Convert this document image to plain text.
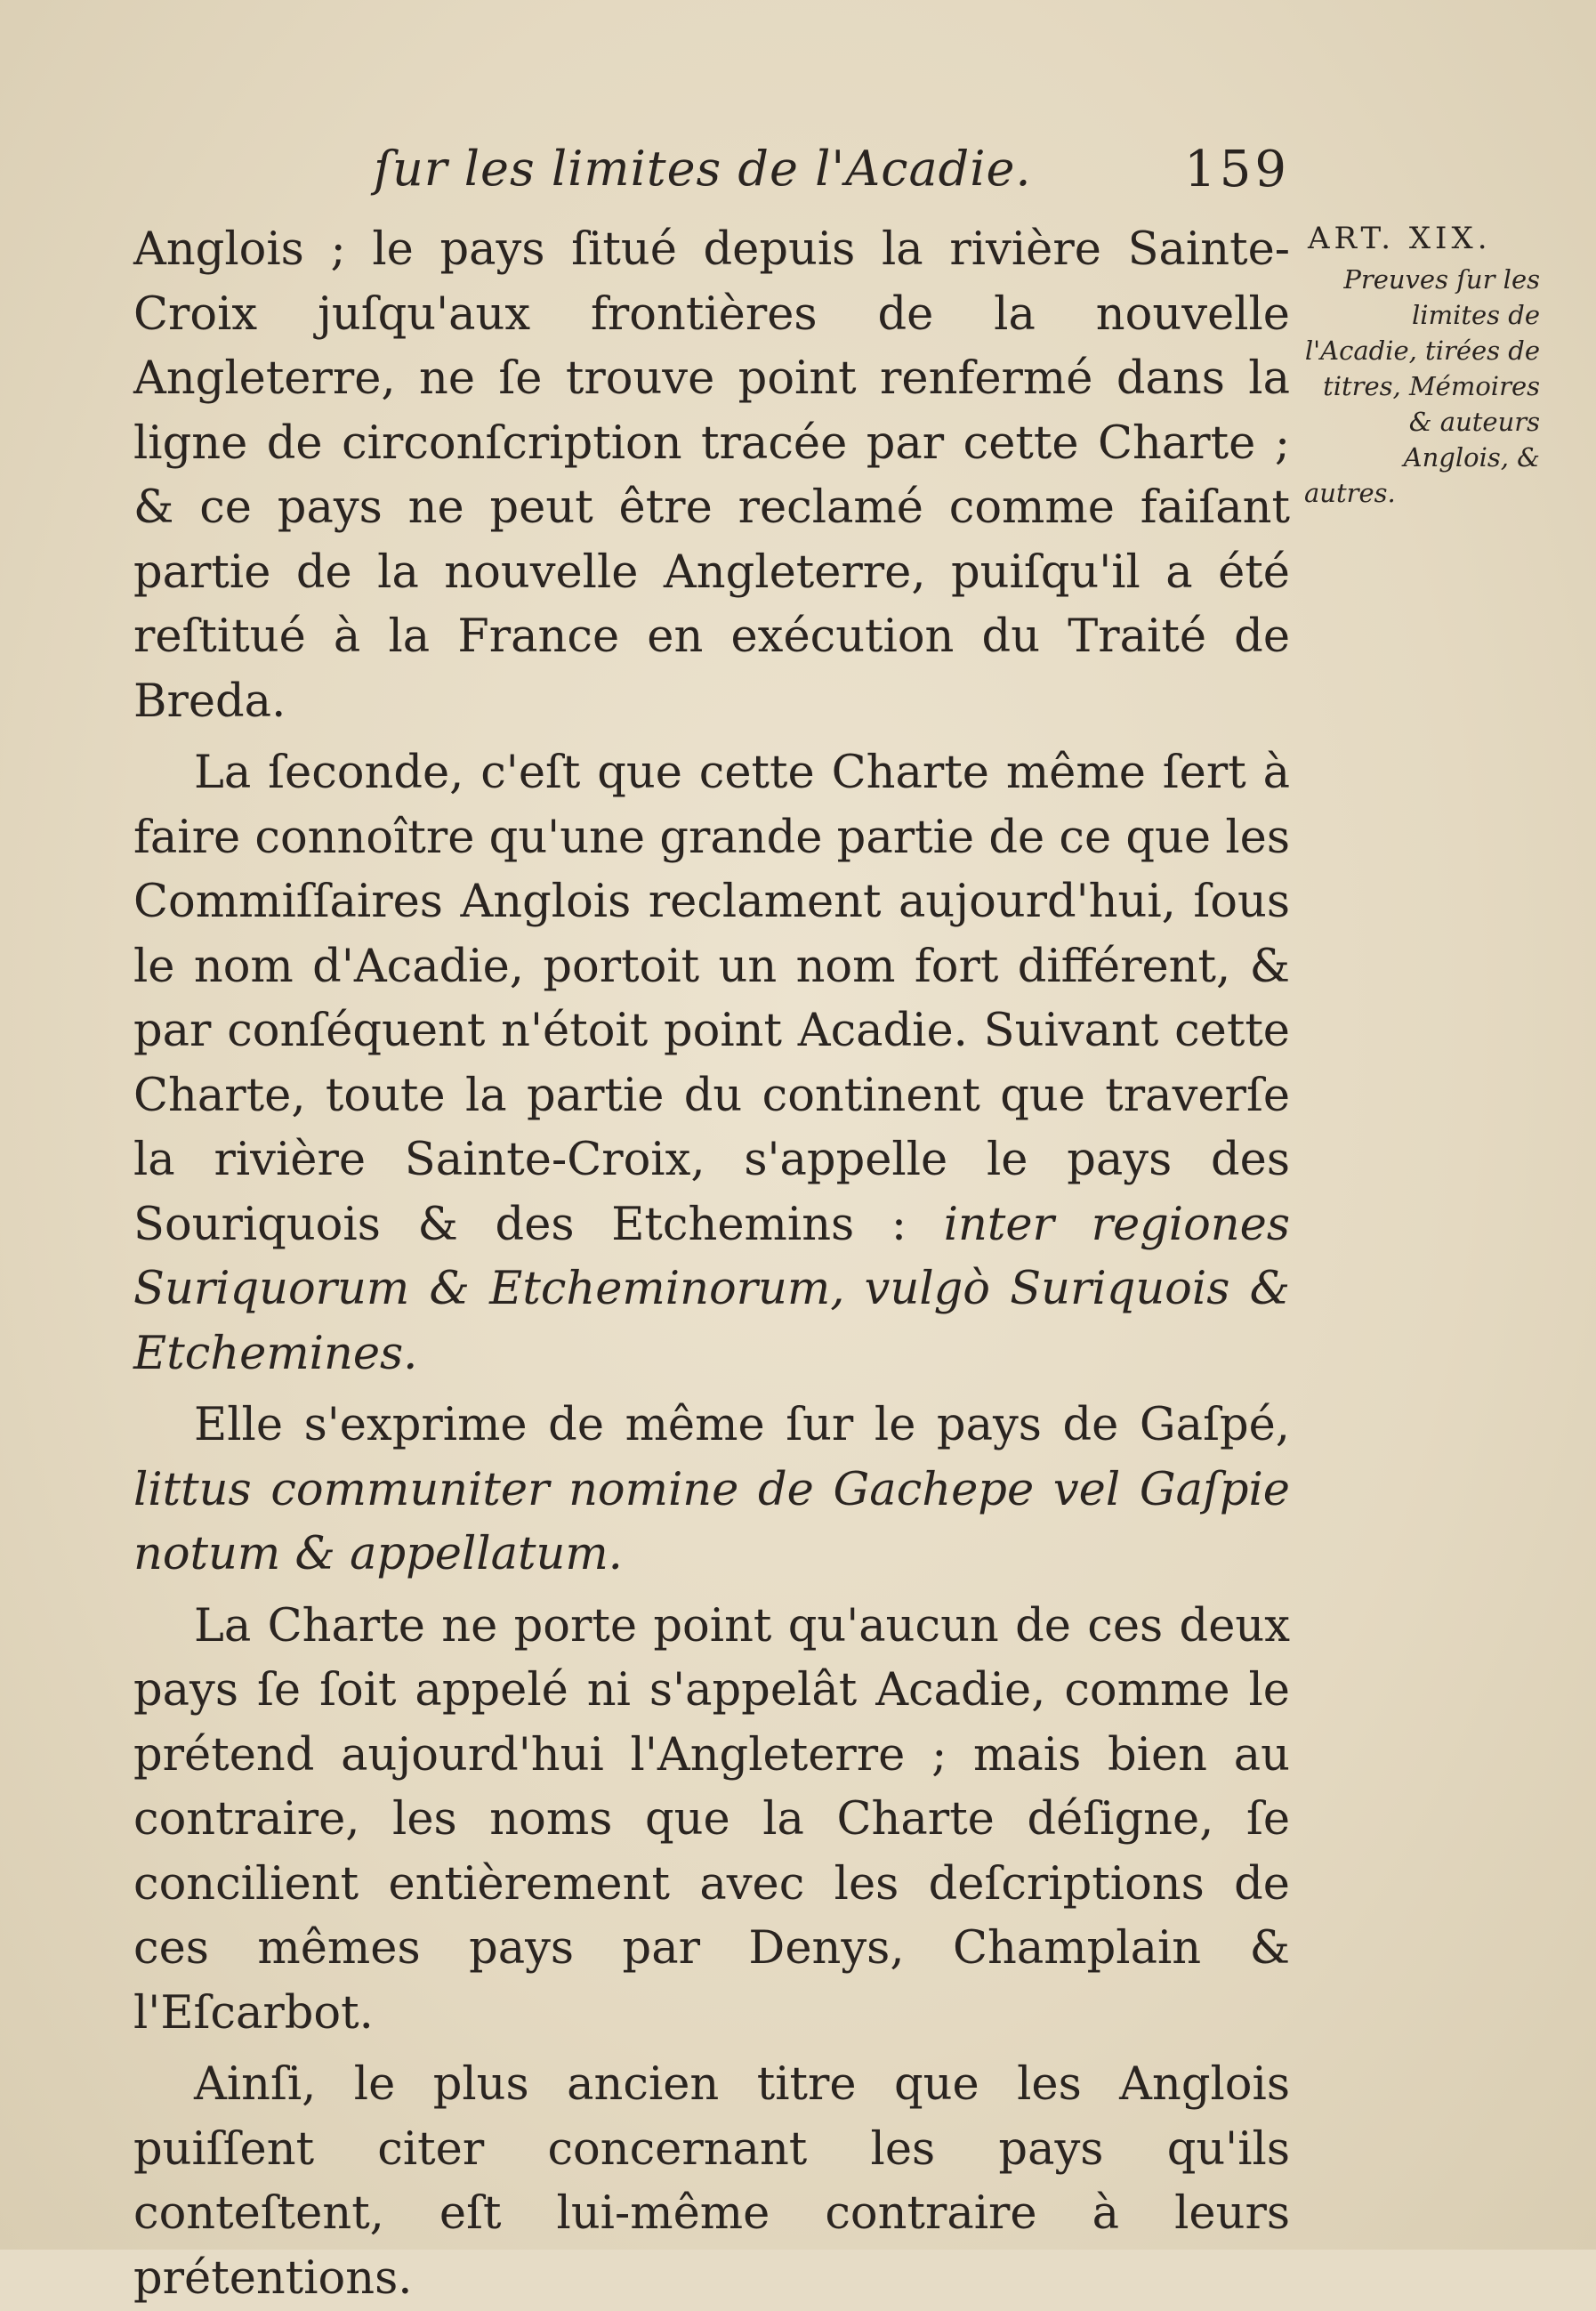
ſur les limites de l'Acadie.	159

Anglois ; le pays ſitué depuis la rivière Sainte-Croix juſqu'aux frontières de la nouvelle Angleterre, ne ſe trouve point renfermé dans la ligne de circonſcription tracée par cette Charte ; & ce pays ne peut être reclamé comme faiſant partie de la nouvelle Angleterre, puiſqu'il a été reſtitué à la France en exécution du Traité de Breda.

La ſeconde, c'eſt que cette Charte même ſert à faire connoître qu'une grande partie de ce que les Commiſſaires Anglois reclament aujourd'hui, ſous le nom d'Acadie, portoit un nom fort différent, & par conſéquent n'étoit point Acadie. Suivant cette Charte, toute la partie du continent que traverſe la rivière Sainte-Croix, s'appelle le pays des Souriquois & des Etchemins : inter regiones Suriquorum & Etcheminorum, vulgò Suriquois & Etchemines.

Elle s'exprime de même ſur le pays de Gaſpé, littus communiter nomine de Gachepe vel Gaſpie notum & appellatum.

La Charte ne porte point qu'aucun de ces deux pays ſe ſoit appelé ni s'appelât Acadie, comme le prétend aujourd'hui l'Angleterre ; mais bien au contraire, les noms que la Charte déſigne, ſe concilient entièrement avec les deſcriptions de ces mêmes pays par Denys, Champlain & l'Eſcarbot.

Ainſi, le plus ancien titre que les Anglois puiſſent citer concernant les pays qu'ils conteſtent, eſt lui-même contraire à leurs prétentions.

ART. XIX.

Preuves ſur les limites de l'Acadie, tirées de titres, Mémoires & auteurs Anglois, & autres.
